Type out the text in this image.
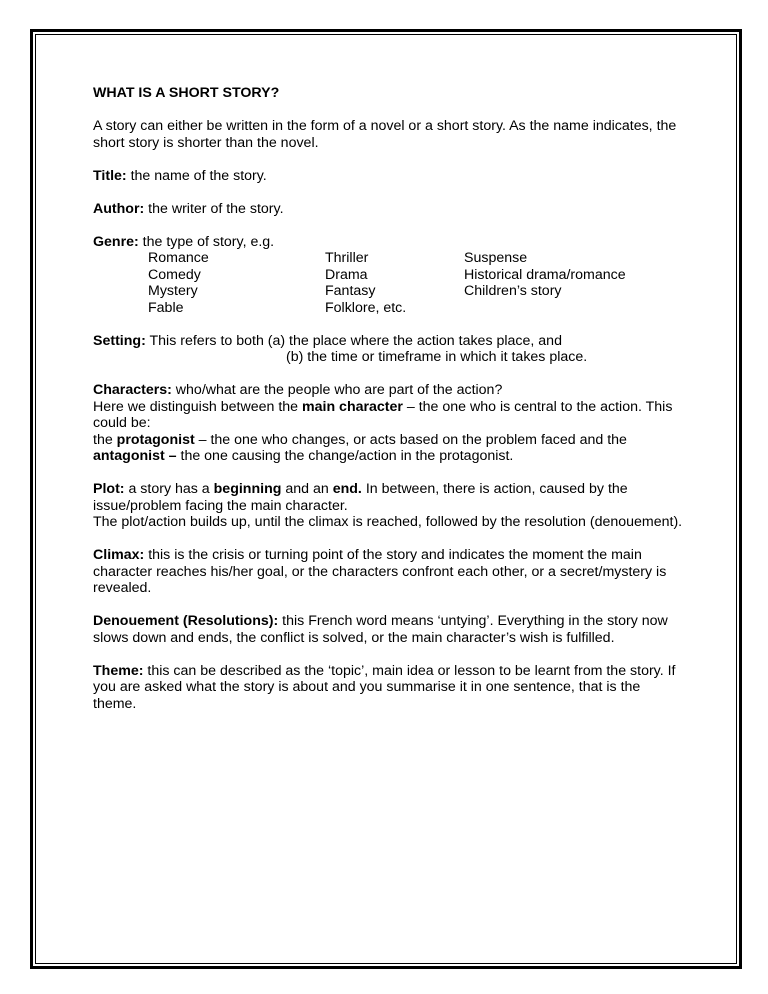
WHAT IS A SHORT STORY?

A story can either be written in the form of a novel or a short story. As the name indicates, the short story is shorter than the novel.

Title: the name of the story.

Author: the writer of the story.

Genre: the type of story, e.g.

Romance
Comedy
Mystery
Fable
Thriller
Drama
Fantasy
Folklore, etc.
Suspense
Historical drama/romance
Children’s story

Setting: This refers to both (a) the place where the action takes place, and

(b) the time or timeframe in which it takes place.

Characters: who/what are the people who are part of the action?

Here we distinguish between the main character – the one who is central to the action. This could be:

the protagonist – the one who changes, or acts based on the problem faced and the antagonist – the one causing the change/action in the protagonist.

Plot: a story has a beginning and an end. In between, there is action, caused by the issue/problem facing the main character.

The plot/action builds up, until the climax is reached, followed by the resolution (denouement).

Climax: this is the crisis or turning point of the story and indicates the moment the main character reaches his/her goal, or the characters confront each other, or a secret/mystery is revealed.

Denouement (Resolutions): this French word means ‘untying’. Everything in the story now slows down and ends, the conflict is solved, or the main character’s wish is fulfilled.

Theme: this can be described as the ‘topic’, main idea or lesson to be learnt from the story. If you are asked what the story is about and you summarise it in one sentence, that is the theme.
